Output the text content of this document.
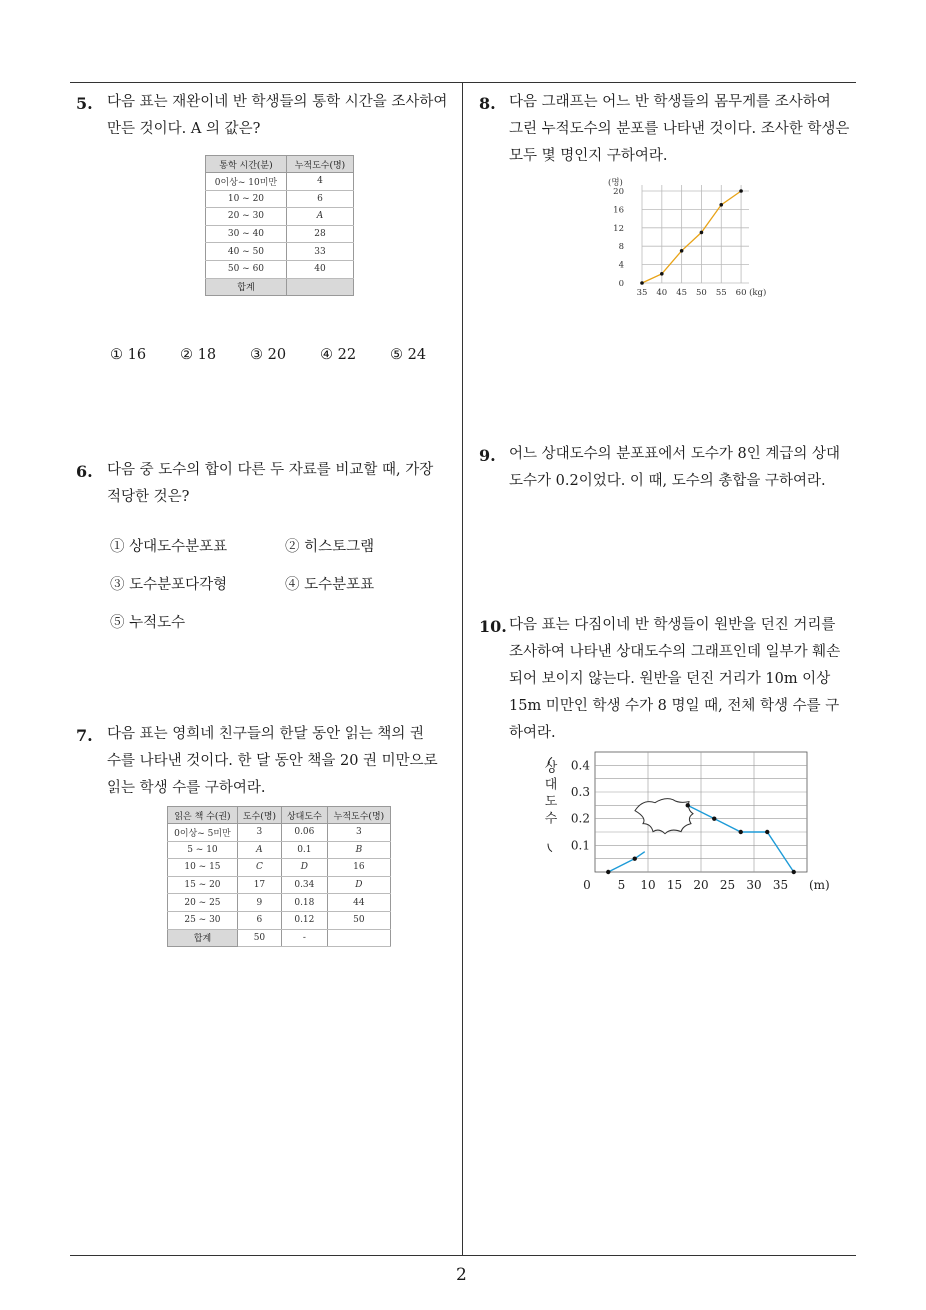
5. 다음 표는 재완이네 반 학생들의 통학 시간을 조사하여
만든 것이다. A 의 값은?
통학 시간(분)	누적도수(명)
0이상~ 10미만	4
10 ~ 20	6
20 ~ 30	A
30 ~ 40	28
40 ~ 50	33
50 ~ 60	40
합계	
① 16 ② 18 ③ 20 ④ 22 ⑤ 24
6. 다음 중 도수의 합이 다른 두 자료를 비교할 때, 가장
적당한 것은?
① 상대도수분포표	② 히스토그램
③ 도수분포다각형	④ 도수분포표
⑤ 누적도수
7. 다음 표는 영희네 친구들의 한달 동안 읽는 책의 권
수를 나타낸 것이다. 한 달 동안 책을 20 권 미만으로
읽는 학생 수를 구하여라.
읽은 책 수(권)	도수(명)	상대도수	누적도수(명)
0이상~ 5미만	3	0.06	3
5 ~ 10	A	0.1	B
10 ~ 15	C	D	16
15 ~ 20	17	0.34	D
20 ~ 25	9	0.18	44
25 ~ 30	6	0.12	50
합계	50	-	
8. 다음 그래프는 어느 반 학생들의 몸무게를 조사하여
그린 누적도수의 분포를 나타낸 것이다. 조사한 학생은
모두 몇 명인지 구하여라.
0
4
8
12
16
20
35 40 45 50 55 60 (kg)
(명)
9. 어느 상대도수의 분포표에서 도수가 8인 계급의 상대
도수가 0.2이었다. 이 때, 도수의 총합을 구하여라.
10. 다음 표는 다짐이네 반 학생들이 원반을 던진 거리를
조사하여 나타낸 상대도수의 그래프인데 일부가 훼손
되어 보이지 않는다. 원반을 던진 거리가 10m 이상
15m 미만인 학생 수가 8 명일 때, 전체 학생 수를 구
하여라.
0.1
0.2
0.3
0.4
0 5 10 15 20 25 30 35 (m)
상
대
도
수
2
